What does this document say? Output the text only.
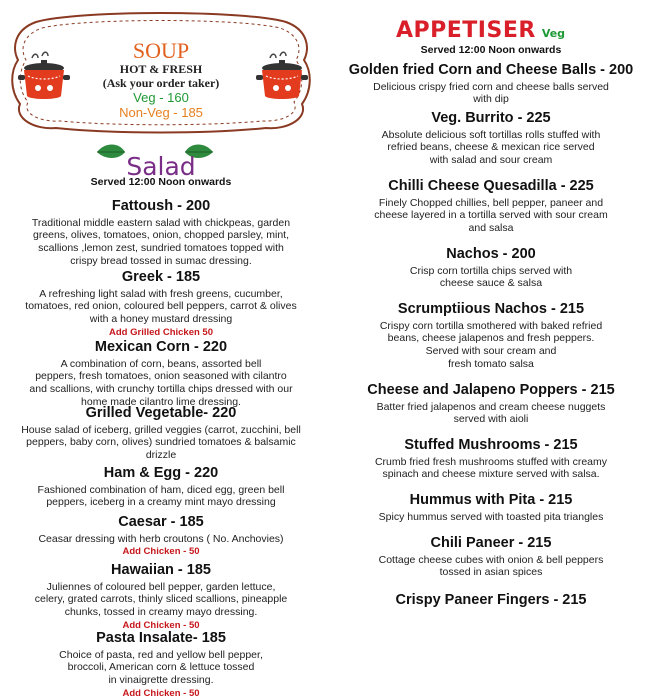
SOUP
HOT & FRESH
(Ask your order taker)
Veg - 160
Non-Veg - 185
Salad
Served 12:00 Noon onwards
Fattoush - 200
Traditional middle eastern salad with chickpeas, garden
greens, olives, tomatoes, onion, chopped parsley, mint,
scallions ,lemon zest, sundried tomatoes topped with
crispy bread tossed in sumac dressing.
Greek - 185
A refreshing light salad with fresh greens, cucumber,
tomatoes, red onion, coloured bell peppers, carrot & olives
with a honey mustard dressing
Add Grilled Chicken 50
Mexican Corn - 220
A combination of corn, beans, assorted bell
peppers, fresh tomatoes, onion seasoned with cilantro
and scallions, with crunchy tortilla chips dressed with our
home made cilantro lime dressing.
Grilled Vegetable- 220
House salad of iceberg, grilled veggies (carrot, zucchini, bell
peppers, baby corn, olives) sundried tomatoes & balsamic
drizzle
Ham & Egg - 220
Fashioned combination of ham, diced egg, green bell
peppers, iceberg in a creamy mint mayo dressing
Caesar - 185
Ceasar dressing with herb croutons ( No. Anchovies)
Add Chicken - 50
Hawaiian - 185
Juliennes of coloured bell pepper, garden lettuce,
celery, grated carrots, thinly sliced scallions, pineapple
chunks, tossed in creamy mayo dressing.
Add Chicken - 50
Pasta Insalate- 185
Choice of pasta, red and yellow bell pepper,
broccoli, American corn & lettuce tossed
in vinaigrette dressing.
Add Chicken - 50
APPETISER Veg
Served 12:00 Noon onwards
Golden fried Corn and Cheese Balls - 200
Delicious crispy fried corn and cheese balls served
with dip
Veg. Burrito - 225
Absolute delicious soft tortillas rolls stuffed with
refried beans, cheese & mexican rice served
with salad and sour cream
Chilli Cheese Quesadilla - 225
Finely Chopped chillies, bell pepper, paneer and
cheese layered in a tortilla served with sour cream
and salsa
Nachos - 200
Crisp corn tortilla chips served with
cheese sauce & salsa
Scrumptiious Nachos - 215
Crispy corn tortilla smothered with baked refried
beans, cheese jalapenos and fresh peppers.
Served with sour cream and
fresh tomato salsa
Cheese and Jalapeno Poppers - 215
Batter fried jalapenos and cream cheese nuggets
served with aioli
Stuffed Mushrooms - 215
Crumb fried fresh mushrooms stuffed with creamy
spinach and cheese mixture served with salsa.
Hummus with Pita - 215
Spicy hummus served with toasted pita triangles
Chili Paneer - 215
Cottage cheese cubes with onion & bell peppers
tossed in asian spices
Crispy Paneer Fingers - 215
